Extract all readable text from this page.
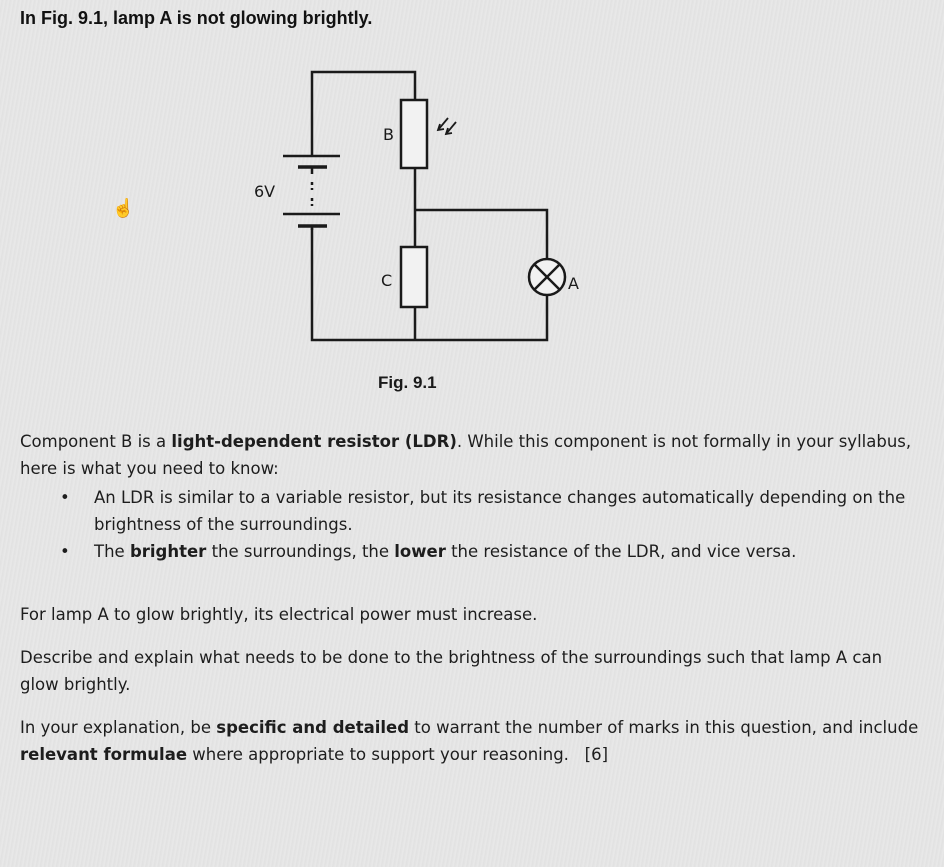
In Fig. 9.1, lamp A is not glowing brightly.
☝
6V
B
C	A
Fig. 9.1

Component B is a light-dependent resistor (LDR). While this component is not formally in your syllabus, here is what you need to know:

• An LDR is similar to a variable resistor, but its resistance changes automatically depending on the brightness of the surroundings.
• The brighter the surroundings, the lower the resistance of the LDR, and vice versa.

For lamp A to glow brightly, its electrical power must increase.

Describe and explain what needs to be done to the brightness of the surroundings such that lamp A can glow brightly.

In your explanation, be specific and detailed to warrant the number of marks in this question, and include relevant formulae where appropriate to support your reasoning. [6]
